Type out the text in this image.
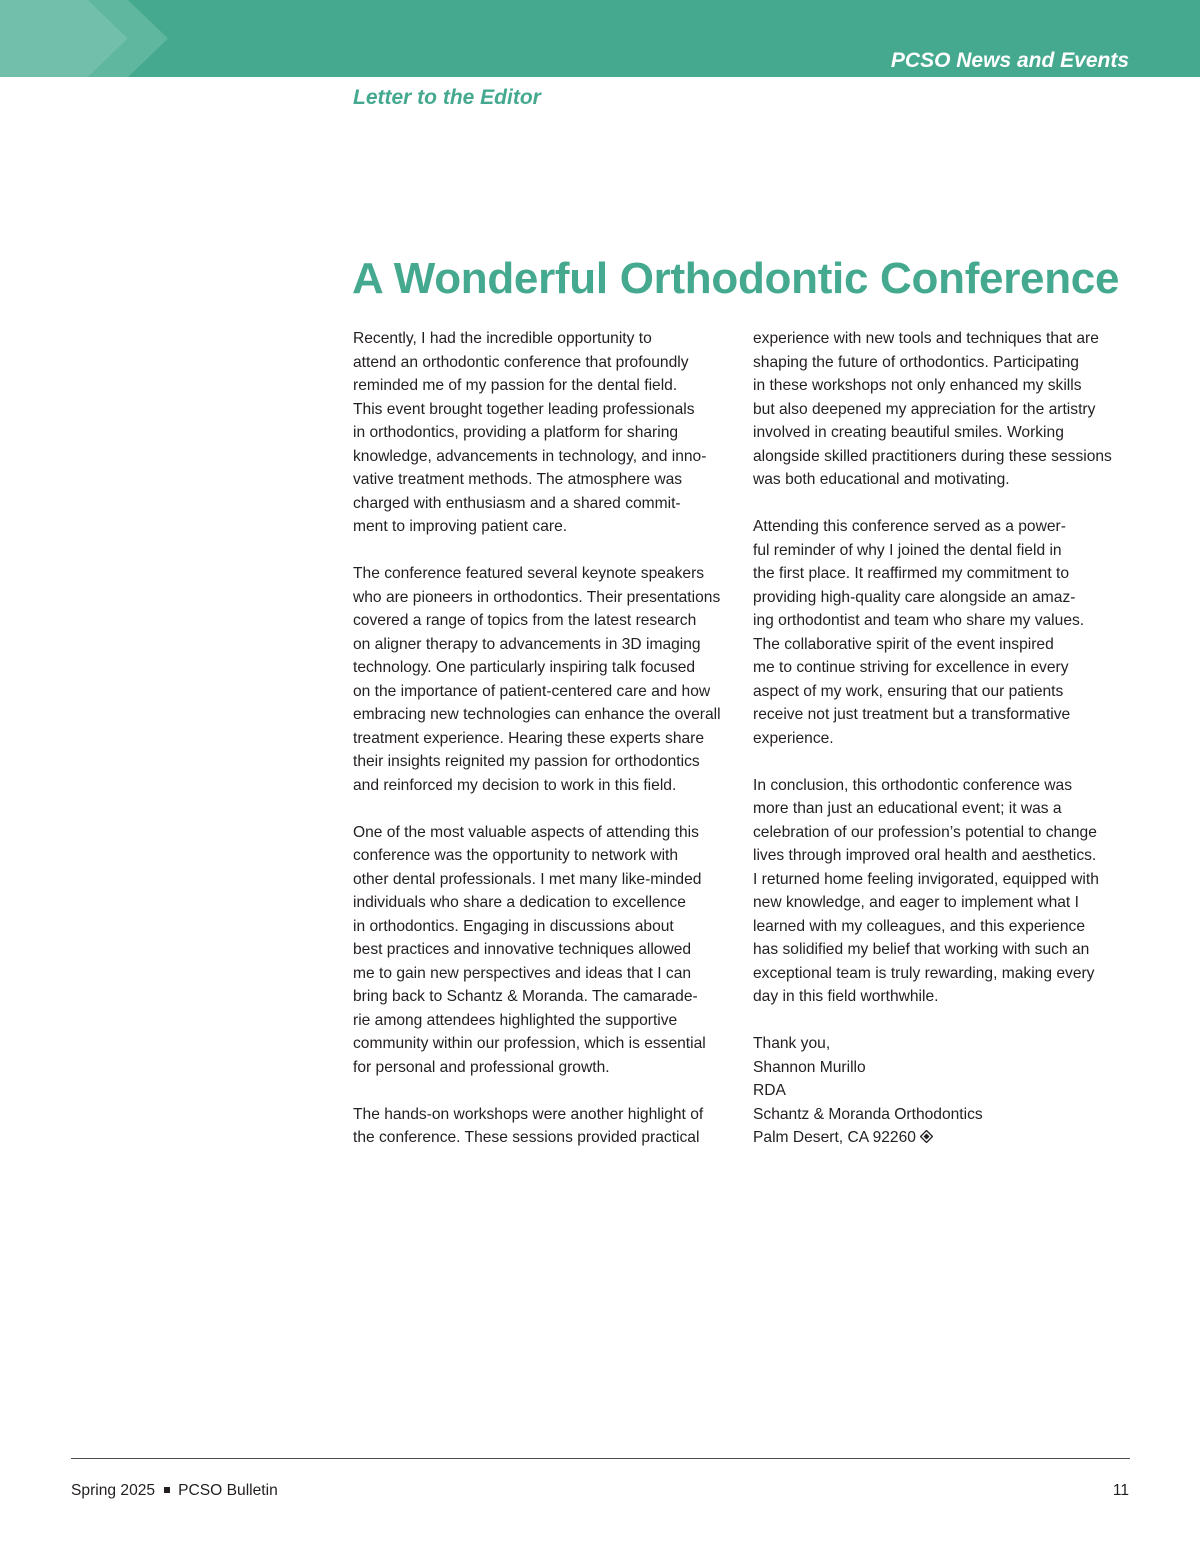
PCSO News and Events

Letter to the Editor

A Wonderful Orthodontic Conference
Recently, I had the incredible opportunity to
attend an orthodontic conference that profoundly
reminded me of my passion for the dental field.
This event brought together leading professionals
in orthodontics, providing a platform for sharing
knowledge, advancements in technology, and inno-
vative treatment methods. The atmosphere was
charged with enthusiasm and a shared commit-
ment to improving patient care.
The conference featured several keynote speakers
who are pioneers in orthodontics. Their presentations
covered a range of topics from the latest research
on aligner therapy to advancements in 3D imaging
technology. One particularly inspiring talk focused
on the importance of patient-centered care and how
embracing new technologies can enhance the overall
treatment experience. Hearing these experts share
their insights reignited my passion for orthodontics
and reinforced my decision to work in this field.
One of the most valuable aspects of attending this
conference was the opportunity to network with
other dental professionals. I met many like-minded
individuals who share a dedication to excellence
in orthodontics. Engaging in discussions about
best practices and innovative techniques allowed
me to gain new perspectives and ideas that I can
bring back to Schantz & Moranda. The camarade-
rie among attendees highlighted the supportive
community within our profession, which is essential
for personal and professional growth.
The hands-on workshops were another highlight of
the conference. These sessions provided practical
experience with new tools and techniques that are
shaping the future of orthodontics. Participating
in these workshops not only enhanced my skills
but also deepened my appreciation for the artistry
involved in creating beautiful smiles. Working
alongside skilled practitioners during these sessions
was both educational and motivating.
Attending this conference served as a power-
ful reminder of why I joined the dental field in
the first place. It reaffirmed my commitment to
providing high-quality care alongside an amaz-
ing orthodontist and team who share my values.
The collaborative spirit of the event inspired
me to continue striving for excellence in every
aspect of my work, ensuring that our patients
receive not just treatment but a transformative
experience.
In conclusion, this orthodontic conference was
more than just an educational event; it was a
celebration of our profession’s potential to change
lives through improved oral health and aesthetics.
I returned home feeling invigorated, equipped with
new knowledge, and eager to implement what I
learned with my colleagues, and this experience
has solidified my belief that working with such an
exceptional team is truly rewarding, making every
day in this field worthwhile.
Thank you,
Shannon Murillo
RDA
Schantz & Moranda Orthodontics
Palm Desert, CA 92260
Spring 2025 PCSO Bulletin	11
